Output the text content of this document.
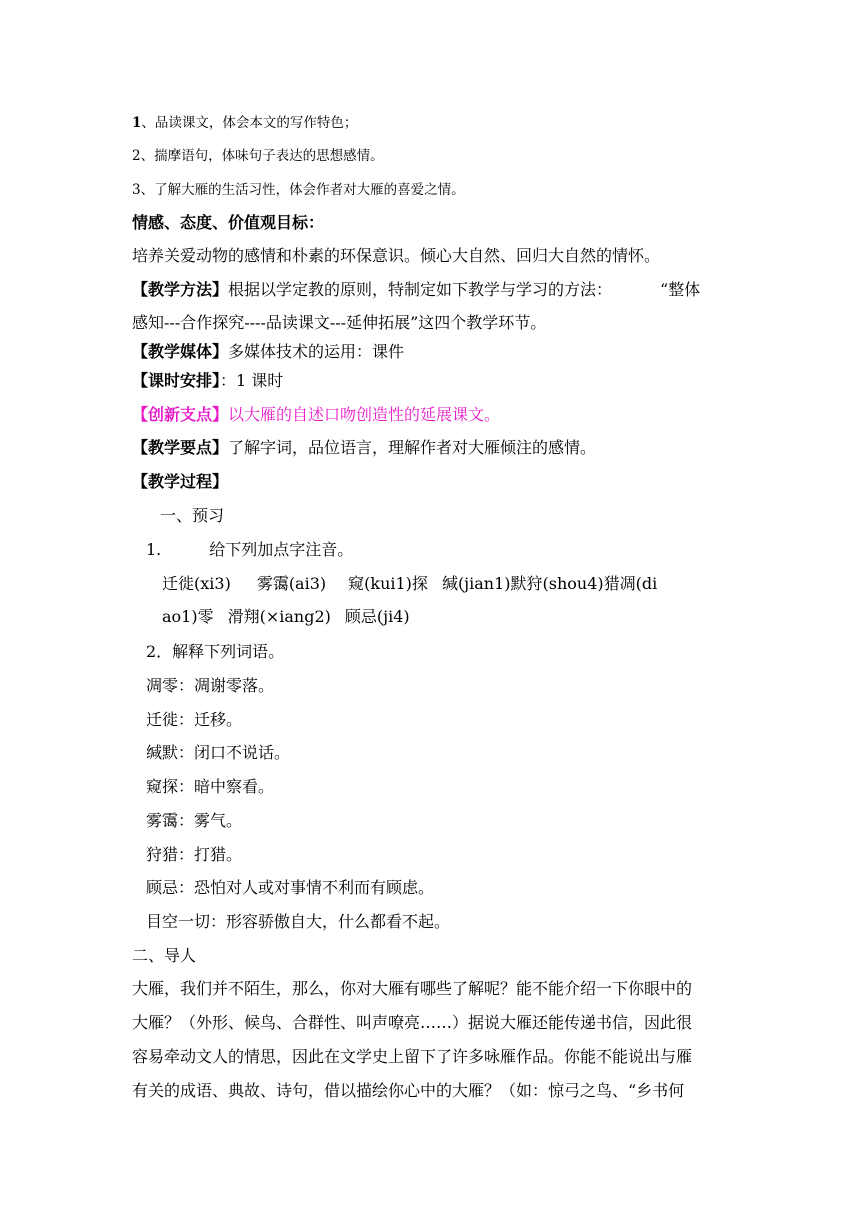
1、品读课文，体会本文的写作特色；
2、揣摩语句，体味句子表达的思想感情。
3、了解大雁的生活习性，体会作者对大雁的喜爱之情。
情感、态度、价值观目标：
培养关爱动物的感情和朴素的环保意识。倾心大自然、回归大自然的情怀。
【教学方法】根据以学定教的原则，特制定如下教学与学习的方法：	“整体
感知---合作探究----品读课文---延伸拓展”这四个教学环节。
【教学媒体】多媒体技术的运用：课件
【课时安排】：1 课时
【创新支点】以大雁的自述口吻创造性的延展课文。
【教学要点】了解字词，品位语言，理解作者对大雁倾注的感情。
【教学过程】
一、预习
1.	给下列加点字注音。
迁徙(xi3) 雾霭(ai3) 窥(kui1)探 缄(jian1)默狩(shou4)猎凋(di
ao1)零 滑翔(×iang2) 顾忌(ji4)
2．解释下列词语。
凋零：凋谢零落。
迁徙：迁移。
缄默：闭口不说话。
窥探：暗中察看。
雾霭：雾气。
狩猎：打猎。
顾忌：恐怕对人或对事情不利而有顾虑。
目空一切：形容骄傲自大，什么都看不起。
二、导人
大雁，我们并不陌生，那么，你对大雁有哪些了解呢？能不能介绍一下你眼中的
大雁？（外形、候鸟、合群性、叫声嘹亮……）据说大雁还能传递书信，因此很
容易牵动文人的情思，因此在文学史上留下了许多咏雁作品。你能不能说出与雁
有关的成语、典故、诗句，借以描绘你心中的大雁？（如：惊弓之鸟、“乡书何
